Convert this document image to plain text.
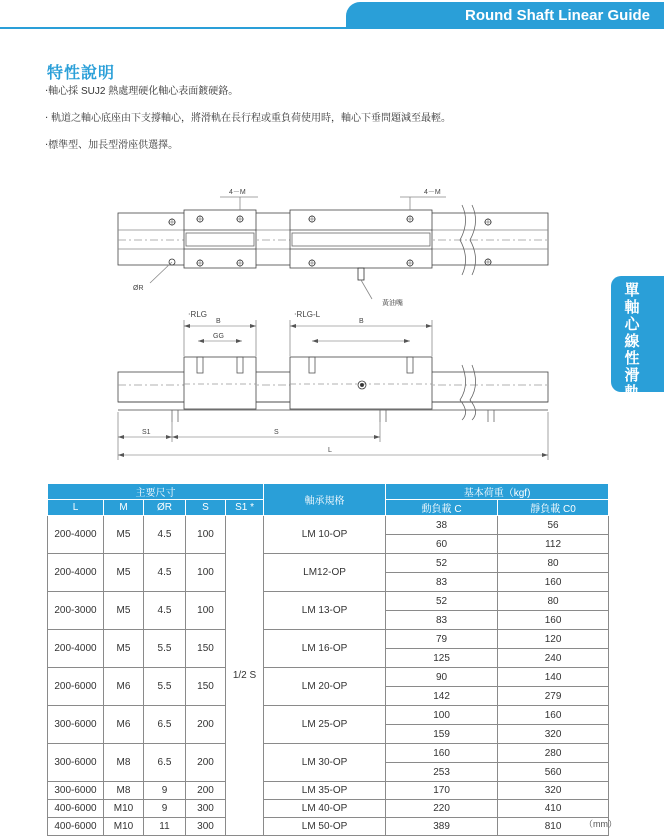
Round Shaft Linear Guide
特性說明
‧軸心採 SUJ2 熱處理硬化軸心表面鍍硬鉻。
‧ 軌道之軸心底座由下支撐軸心，將滑軌在長行程或重負荷使用時，軸心下垂問題減至最輕。
‧標準型、加長型滑座供選擇。
單軸心線性滑軌
4－M	4－M
ØR
黃油嘴
‧RLG	‧RLG-L
B	B
GG
S1	S
L
主要尺寸					軸承規格	基本荷重（kgf)	
L	M	ØR	S	S1 *		動負載 C	靜負載 C0
200-4000	M5	4.5	100	1/2 S	LM 10-OP	38	56
						60	112
200-4000	M5	4.5	100		LM12-OP	52	80
						83	160
200-3000	M5	4.5	100		LM 13-OP	52	80
						83	160
200-4000	M5	5.5	150		LM 16-OP	79	120
						125	240
200-6000	M6	5.5	150		LM 20-OP	90	140
						142	279
300-6000	M6	6.5	200		LM 25-OP	100	160
						159	320
300-6000	M8	6.5	200		LM 30-OP	160	280
						253	560
300-6000	M8	9	200		LM 35-OP	170	320
400-6000	M10	9	300		LM 40-OP	220	410
400-6000	M10	11	300		LM 50-OP	389	810	（mm）
